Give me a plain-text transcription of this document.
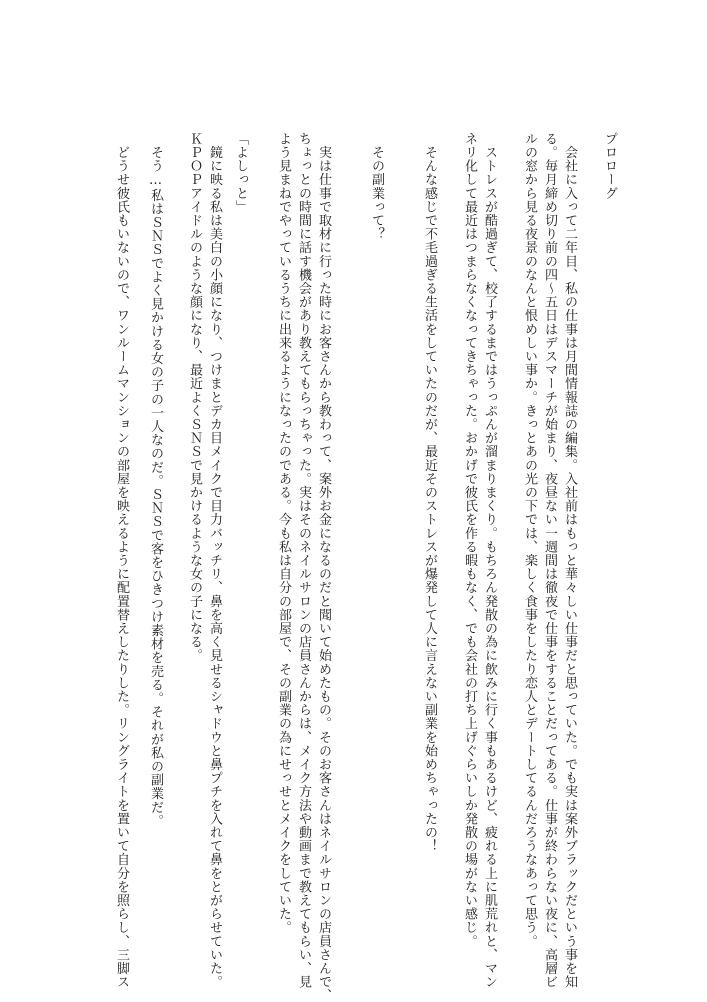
プロローグ
　会社に入って二年目、私の仕事は月間情報誌の編集。入社前はもっと華々しい仕事だと思っていた。でも実は案外ブラックだという事を知
る。毎月締め切り前の四〜五日はデスマーチが始まり、夜昼ない一週間は徹夜で仕事をすることだってある。仕事が終わらない夜に、高層ビ
ルの窓から見る夜景のなんと恨めしい事か。きっとあの光の下では、楽しく食事をしたり恋人とデートしてるんだろうなあって思う。
　ストレスが酷過ぎて、校了するまではうっぷんが溜まりまくり。もちろん発散の為に飲みに行く事もあるけど、疲れる上に肌荒れと、マン
ネリ化して最近はつまらなくなってきちゃった。おかげで彼氏を作る暇もなく、でも会社の打ち上げぐらいしか発散の場がない感じ。
　そんな感じで不毛過ぎる生活をしていたのだが、最近そのストレスが爆発して人に言えない副業を始めちゃったの！
　その副業って？
　実は仕事で取材に行った時にお客さんから教わって、案外お金になるのだと聞いて始めたもの。そのお客さんはネイルサロンの店員さんで、
ちょっとの時間に話す機会があり教えてもらっちゃった。実はそのネイルサロンの店員さんからは、メイク方法や動画まで教えてもらい、見
よう見まねでやっているうちに出来るようになったのである。今も私は自分の部屋で、その副業の為にせっせとメイクをしていた。
「よしっと」
　鏡に映る私は美白の小顔になり、つけまとデカ目メイクで目力バッチリ、鼻を高く見せるシャドウと鼻プチを入れて鼻をとがらせていた。
ＫＰＯＰアイドルのような顔になり、最近よくＳＮＳで見かけるような女の子になる。
　そう…私はＳＮＳでよく見かける女の子の一人なのだ。ＳＮＳで客をひきつけ素材を売る。それが私の副業だ。
　どうせ彼氏もいないので、ワンルームマンションの部屋を映えるように配置替えしたりした。リングライトを置いて自分を照らし、三脚ス
